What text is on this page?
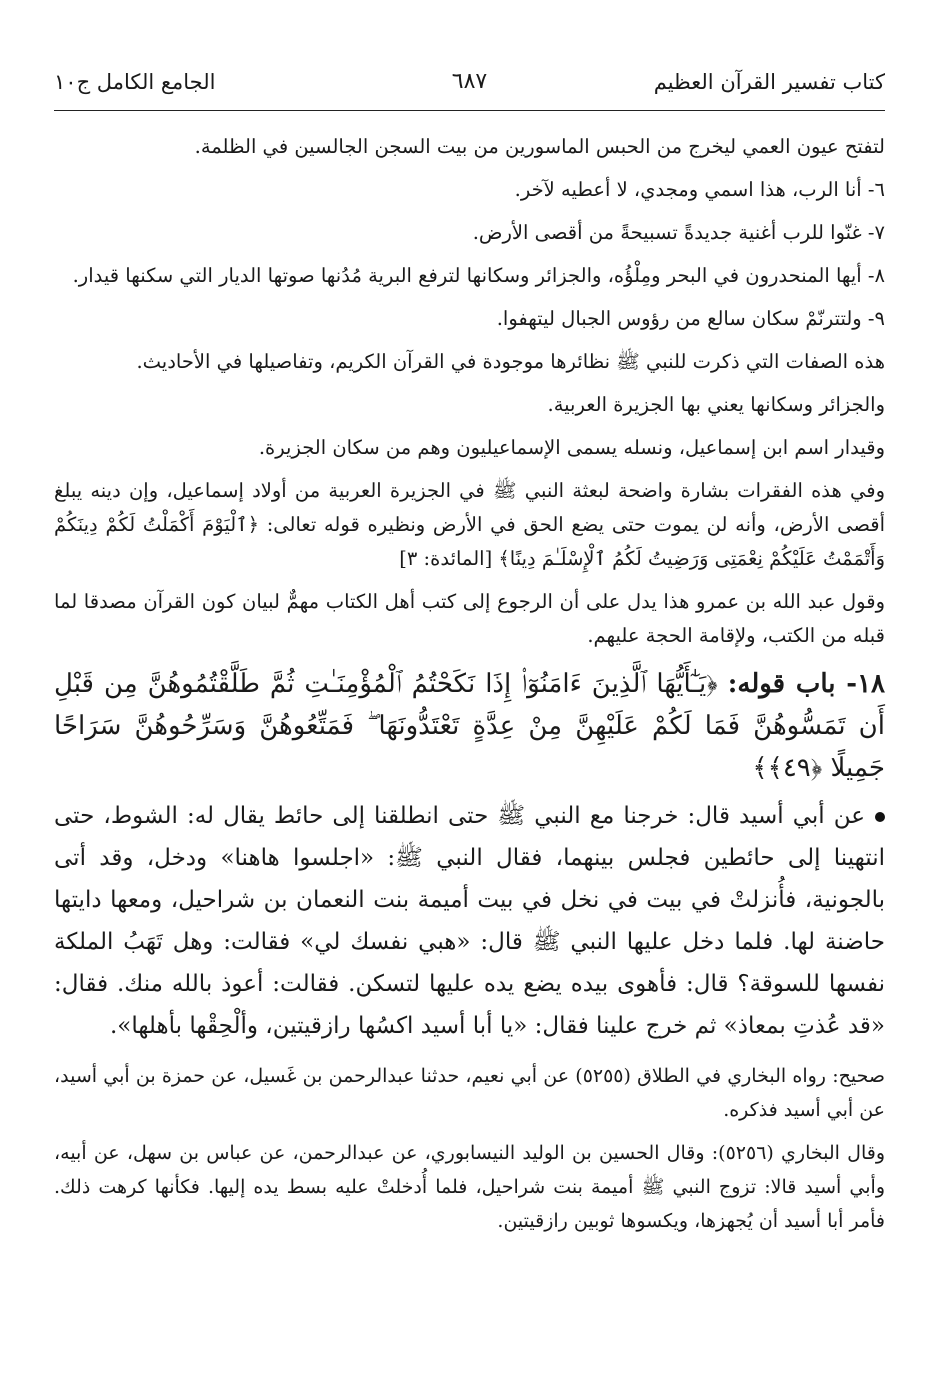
كتاب تفسير القرآن العظيم
٦٨٧
الجامع الكامل ج١٠

لتفتح عيون العمي ليخرج من الحبس الماسورين من بيت السجن الجالسين في الظلمة.

٦- أنا الرب، هذا اسمي ومجدي، لا أعطيه لآخر.

٧- غنّوا للرب أغنية جديدةً تسبيحةً من أقصى الأرض.

٨- أيها المنحدرون في البحر ومِلْؤُه، والجزائر وسكانها لترفع البرية مُدُنها صوتها الديار التي سكنها قيدار.

٩- ولتترنّمْ سكان سالع من رؤوس الجبال ليتهفوا.

هذه الصفات التي ذكرت للنبي ﷺ نظائرها موجودة في القرآن الكريم، وتفاصيلها في الأحاديث.

والجزائر وسكانها يعني بها الجزيرة العربية.

وقيدار اسم ابن إسماعيل، ونسله يسمى الإسماعيليون وهم من سكان الجزيرة.

وفي هذه الفقرات بشارة واضحة لبعثة النبي ﷺ في الجزيرة العربية من أولاد إسماعيل، وإن دينه يبلغ أقصى الأرض، وأنه لن يموت حتى يضع الحق في الأرض ونظيره قوله تعالى: ﴿ٱلْيَوْمَ أَكْمَلْتُ لَكُمْ دِينَكُمْ وَأَتْمَمْتُ عَلَيْكُمْ نِعْمَتِى وَرَضِيتُ لَكُمُ ٱلْإِسْلَـٰمَ دِينًا﴾ [المائدة: ٣]

وقول عبد الله بن عمرو هذا يدل على أن الرجوع إلى كتب أهل الكتاب مهمٌّ لبيان كون القرآن مصدقا لما قبله من الكتب، ولإقامة الحجة عليهم.

١٨- باب قوله: ﴿يَـٰٓأَيُّهَا ٱلَّذِينَ ءَامَنُوٓا۟ إِذَا نَكَحْتُمُ ٱلْمُؤْمِنَـٰتِ ثُمَّ طَلَّقْتُمُوهُنَّ مِن قَبْلِ أَن تَمَسُّوهُنَّ فَمَا لَكُمْ عَلَيْهِنَّ مِنْ عِدَّةٍ تَعْتَدُّونَهَا ۖ فَمَتِّعُوهُنَّ وَسَرِّحُوهُنَّ سَرَاحًا جَمِيلًا ﴿٤٩﴾﴾
عن أبي أسيد قال: خرجنا مع النبي ﷺ حتى انطلقنا إلى حائط يقال له: الشوط، حتى انتهينا إلى حائطين فجلس بينهما، فقال النبي ﷺ: «اجلسوا هاهنا» ودخل، وقد أتى بالجونية، فأُنزلتْ في بيت في نخل في بيت أميمة بنت النعمان بن شراحيل، ومعها دايتها حاضنة لها. فلما دخل عليها النبي ﷺ قال: «هبي نفسك لي» فقالت: وهل تَهَبُ الملكة نفسها للسوقة؟ قال: فأهوى بيده يضع يده عليها لتسكن. فقالت: أعوذ بالله منك. فقال: «قد عُذتِ بمعاذ» ثم خرج علينا فقال: «يا أبا أسيد اكسُها رازقيتين، وألْحِقْها بأهلها».

صحيح: رواه البخاري في الطلاق (٥٢٥٥) عن أبي نعيم، حدثنا عبدالرحمن بن غَسيل، عن حمزة بن أبي أسيد، عن أبي أسيد فذكره.

وقال البخاري (٥٢٥٦): وقال الحسين بن الوليد النيسابوري، عن عبدالرحمن، عن عباس بن سهل، عن أبيه، وأبي أسيد قالا: تزوج النبي ﷺ أميمة بنت شراحيل، فلما أُدخلتْ عليه بسط يده إليها. فكأنها كرهت ذلك. فأمر أبا أسيد أن يُجهزها، ويكسوها ثوبين رازقيتين.
